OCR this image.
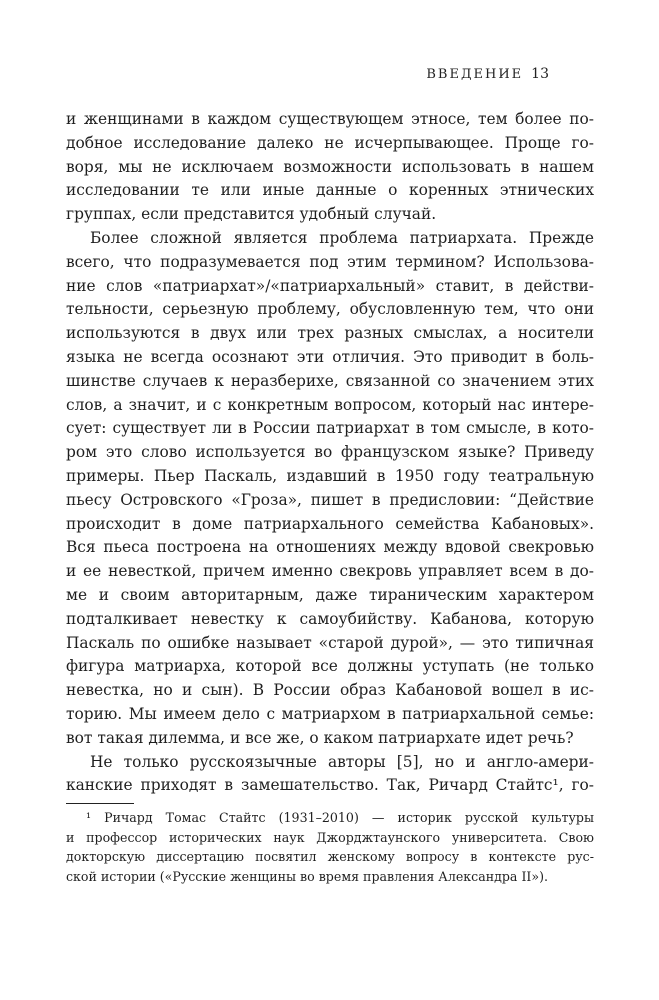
ВВЕДЕНИЕ 13
и женщинами в каждом существующем этносе, тем более по-
добное исследование далеко не исчерпывающее. Проще го-
воря, мы не исключаем возможности использовать в нашем
исследовании те или иные данные о коренных этнических
группах, если представится удобный случай.
Более сложной является проблема патриархата. Прежде
всего, что подразумевается под этим термином? Использова-
ние слов «патриархат»/«патриархальный» ставит, в действи-
тельности, серьезную проблему, обусловленную тем, что они
используются в двух или трех разных смыслах, а носители
языка не всегда осознают эти отличия. Это приводит в боль-
шинстве случаев к неразберихе, связанной со значением этих
слов, а значит, и с конкретным вопросом, который нас интере-
сует: существует ли в России патриархат в том смысле, в кото-
ром это слово используется во французском языке? Приведу
примеры. Пьер Паскаль, издавший в 1950 году театральную
пьесу Островского «Гроза», пишет в предисловии: “Действие
происходит в доме патриархального семейства Кабановых».
Вся пьеса построена на отношениях между вдовой свекровью
и ее невесткой, причем именно свекровь управляет всем в до-
ме и своим авторитарным, даже тираническим характером
подталкивает невестку к самоубийству. Кабанова, которую
Паскаль по ошибке называет «старой дурой», — это типичная
фигура матриарха, которой все должны уступать (не только
невестка, но и сын). В России образ Кабановой вошел в ис-
торию. Мы имеем дело с матриархом в патриархальной семье:
вот такая дилемма, и все же, о каком патриархате идет речь?
Не только русскоязычные авторы [5], но и англо-амери-
канские приходят в замешательство. Так, Ричард Стайтс¹, го-
¹ Ричард Томас Стайтс (1931–2010) — историк русской культуры
и профессор исторических наук Джорджтаунского университета. Свою
докторскую диссертацию посвятил женскому вопросу в контексте рус-
ской истории («Русские женщины во время правления Александра II»).
